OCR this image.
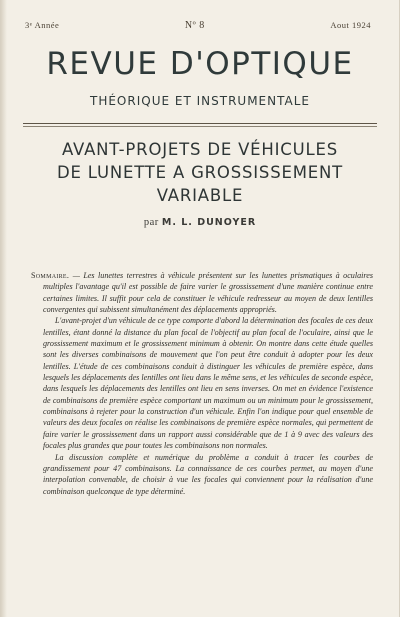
3ᵉ Année	Nº 8	Aout 1924
REVUE D'OPTIQUE
THÉORIQUE ET INSTRUMENTALE
AVANT-PROJETS DE VÉHICULES
DE LUNETTE A GROSSISSEMENT
VARIABLE
par M. L. DUNOYER

Sommaire. — Les lunettes terrestres à véhicule présentent sur les lunettes prismatiques à oculaires multiples l'avantage qu'il est possible de faire varier le grossissement d'une manière continue entre certaines limites. Il suffit pour cela de constituer le véhicule redresseur au moyen de deux lentilles convergentes qui subissent simultanément des déplacements appropriés.

L'avant-projet d'un véhicule de ce type comporte d'abord la détermination des focales de ces deux lentilles, étant donné la distance du plan focal de l'objectif au plan focal de l'oculaire, ainsi que le grossissement maximum et le grossissement minimum à obtenir. On montre dans cette étude quelles sont les diverses combinaisons de mouvement que l'on peut être conduit à adopter pour les deux lentilles. L'étude de ces combinaisons conduit à distinguer les véhicules de première espèce, dans lesquels les déplacements des lentilles ont lieu dans le même sens, et les véhicules de seconde espèce, dans lesquels les déplacements des lentilles ont lieu en sens inverses. On met en évidence l'existence de combinaisons de première espèce comportant un maximum ou un minimum pour le grossissement, combinaisons à rejeter pour la construction d'un véhicule. Enfin l'on indique pour quel ensemble de valeurs des deux focales on réalise les combinaisons de première espèce normales, qui permettent de faire varier le grossissement dans un rapport aussi considérable que de 1 à 9 avec des valeurs des focales plus grandes que pour toutes les combinaisons non normales.

La discussion complète et numérique du problème a conduit à tracer les courbes de grandissement pour 47 combinaisons. La connaissance de ces courbes permet, au moyen d'une interpolation convenable, de choisir à vue les focales qui conviennent pour la réalisation d'une combinaison quelconque de type déterminé.
